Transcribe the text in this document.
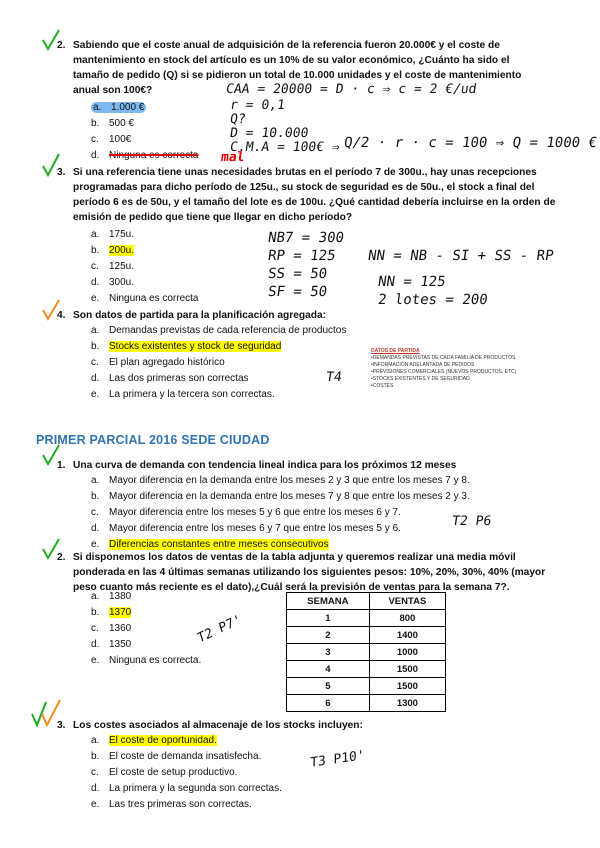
2. Sabiendo que el coste anual de adquisición de la referencia fueron 20.000€ y el coste de mantenimiento en stock del artículo es un 10% de su valor económico, ¿Cuánto ha sido el tamaño de pedido (Q) si se pidieron un total de 10.000 unidades y el coste de mantenimiento anual son 100€?
a. 1.000 €
b. 500 €
c. 100€
d. Ninguna es correcta mal
CAA = 20000 = D · c ⇒ c = 2 €/ud
r = 0,1
Q?
D = 10.000
C.M.A = 100€ ⇒ Q/2 · r · c = 100 ⇒ Q = 1000 €
3. Si una referencia tiene unas necesidades brutas en el período 7 de 300u., hay unas recepciones programadas para dicho período de 125u., su stock de seguridad es de 50u., el stock a final del período 6 es de 50u, y el tamaño del lote es de 100u. ¿Qué cantidad debería incluirse en la orden de emisión de pedido que tiene que llegar en dicho período?
a. 175u.
b. 200u.
c. 125u.
d. 300u.
e. Ninguna es correcta
NB7 = 300
RP = 125
SS = 50
SF = 50
NN = NB - SI + SS - RP
NN = 125
2 lotes = 200
4. Son datos de partida para la planificación agregada:
a. Demandas previstas de cada referencia de productos
b. Stocks existentes y stock de seguridad
c. El plan agregado histórico
d. Las dos primeras son correctas
e. La primera y la tercera son correctas.
T4
DATOS DE PARTIDA
•DEMANDAS PREVISTAS DE CADA FAMILIA DE PRODUCTOS
•INFORMACIÓN ADELANTADA DE PEDIDOS
•PREVISIONES COMERCIALES (NUEVOS PRODUCTOS, ETC)
•STOCKS EXISTENTES Y DE SEGURIDAD
•COSTES
PRIMER PARCIAL 2016 SEDE CIUDAD
1. Una curva de demanda con tendencia lineal indica para los próximos 12 meses
a. Mayor diferencia en la demanda entre los meses 2 y 3 que entre los meses 7 y 8.
b. Mayor diferencia en la demanda entre los meses 7 y 8 que entre los meses 2 y 3.
c. Mayor diferencia entre los meses 5 y 6 que entre los meses 6 y 7.
d. Mayor diferencia entre los meses 6 y 7 que entre los meses 5 y 6.
e. Diferencias constantes entre meses consecutivos
T2 P6
2. Si disponemos los datos de ventas de la tabla adjunta y queremos realizar una media móvil ponderada en las 4 últimas semanas utilizando los siguientes pesos: 10%, 20%, 30%, 40% (mayor peso cuanto más reciente es el dato),¿Cuál será la previsión de ventas para la semana 7?.
a. 1380
b. 1370
c. 1360
d. 1350
e. Ninguna es correcta.
T2 P7'
SEMANA	VENTAS
1	800
2	1400
3	1000
4	1500
5	1500
6	1300
3. Los costes asociados al almacenaje de los stocks incluyen:
a. El coste de oportunidad.
b. El coste de demanda insatisfecha.
c. El coste de setup productivo.
d. La primera y la segunda son correctas.
e. Las tres primeras son correctas.
T3 P10'
